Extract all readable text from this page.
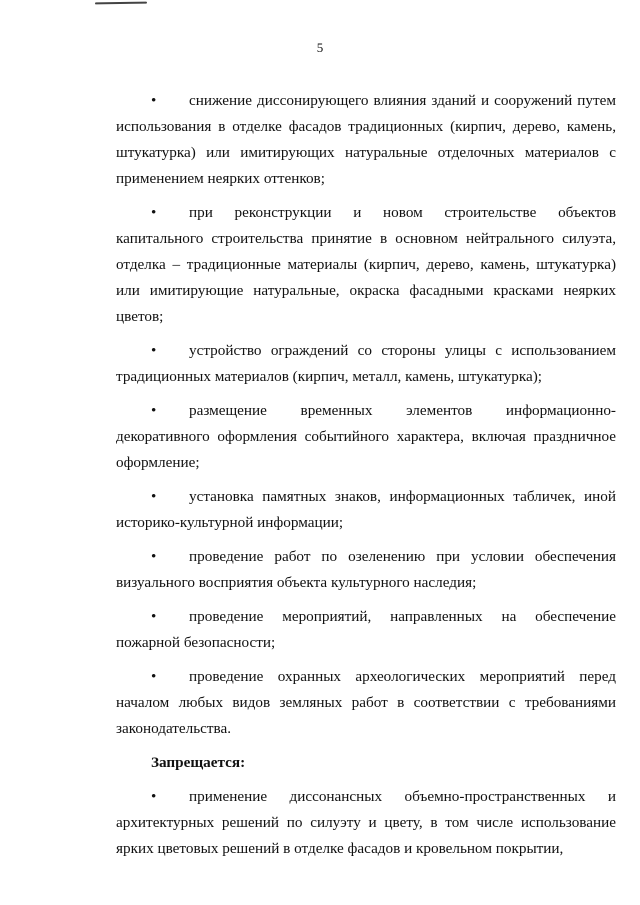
5

• снижение диссонирующего влияния зданий и сооружений путем использования в отделке фасадов традиционных (кирпич, дерево, камень, штукатурка) или имитирующих натуральные отделочных материалов с применением неярких оттенков;

• при реконструкции и новом строительстве объектов капитального строительства принятие в основном нейтрального силуэта, отделка – традиционные материалы (кирпич, дерево, камень, штукатурка) или имитирующие натуральные, окраска фасадными красками неярких цветов;

• устройство ограждений со стороны улицы с использованием традиционных материалов (кирпич, металл, камень, штукатурка);

• размещение временных элементов информационно-декоративного оформления событийного характера, включая праздничное оформление;

• установка памятных знаков, информационных табличек, иной историко-культурной информации;

• проведение работ по озеленению при условии обеспечения визуального восприятия объекта культурного наследия;

• проведение мероприятий, направленных на обеспечение пожарной безопасности;

• проведение охранных археологических мероприятий перед началом любых видов земляных работ в соответствии с требованиями законодательства.

Запрещается:

• применение диссонансных объемно-пространственных и архитектурных решений по силуэту и цвету, в том числе использование ярких цветовых решений в отделке фасадов и кровельном покрытии,
